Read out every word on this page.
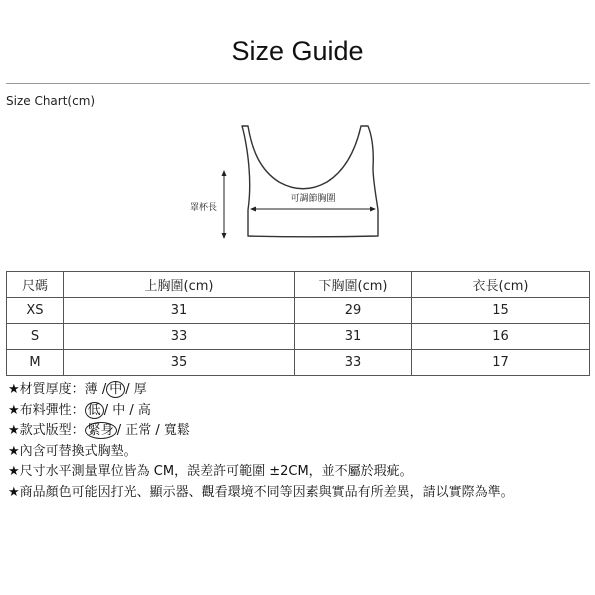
Size Guide
Size Chart(cm)
罩杯長
可調節胸圍
尺碼	上胸圍(cm)	下胸圍(cm)	衣長(cm)
XS	31	29	15
S	33	31	16
M	35	33	17
★材質厚度：薄 / 中 / 厚
★布料彈性： 低 / 中 / 高
★款式版型： 緊身 / 正常 / 寬鬆
★內含可替換式胸墊。
★尺寸水平測量單位皆為 CM，誤差許可範圍 ±2CM，並不屬於瑕疵。
★商品顏色可能因打光、顯示器、觀看環境不同等因素與實品有所差異，請以實際為準。
